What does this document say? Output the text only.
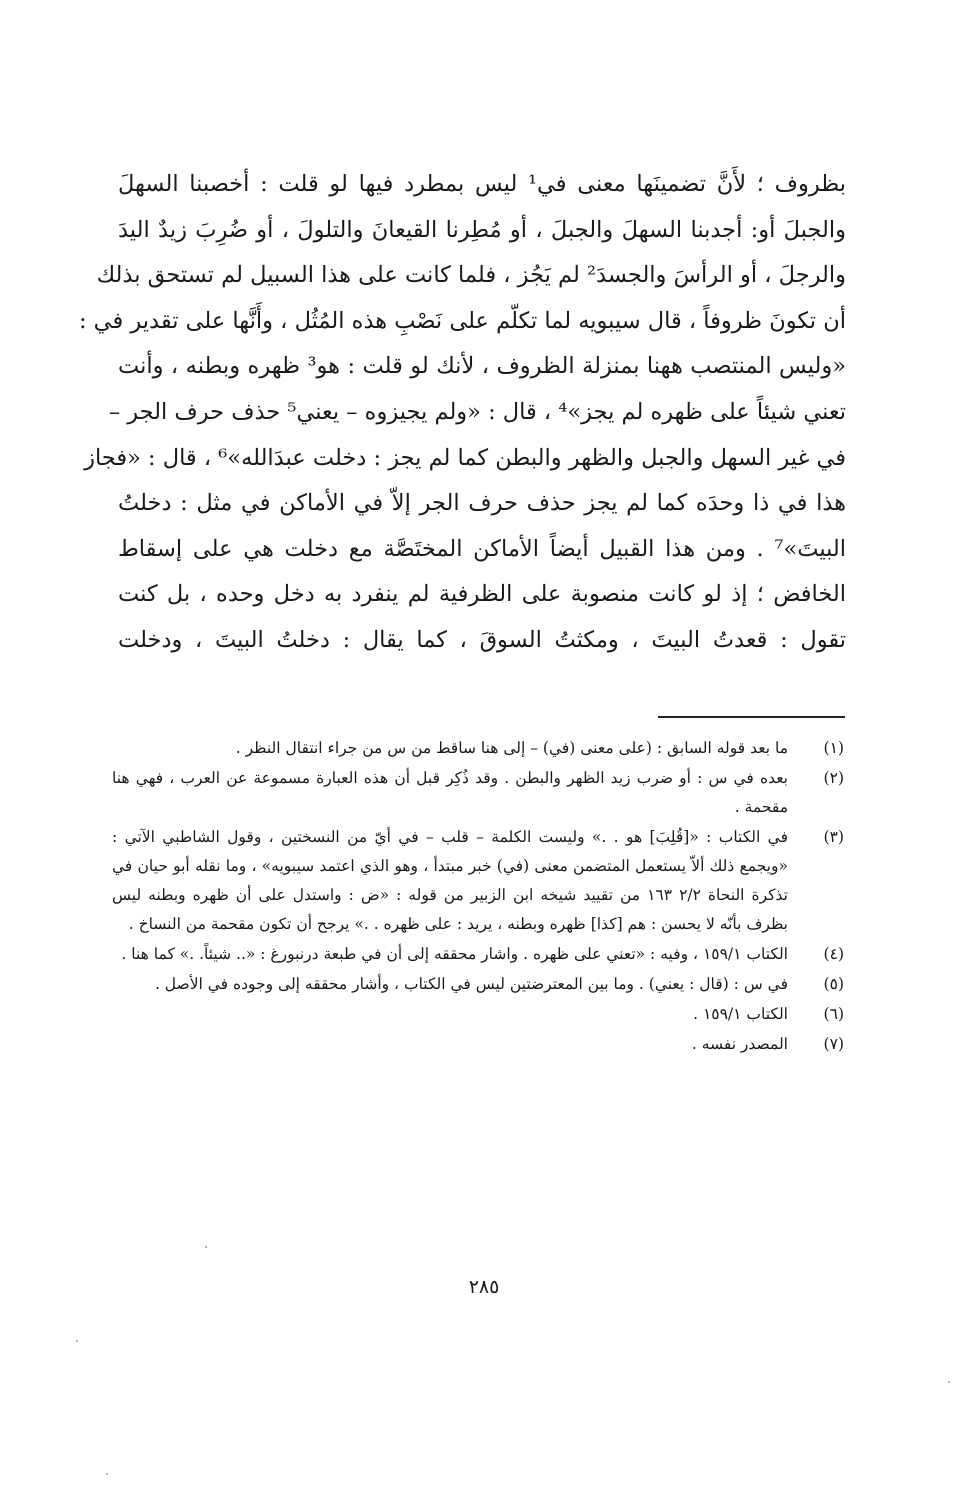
بظروف ؛ لأَنَّ تضمينَها معنى في¹ ليس بمطرد فيها لو قلت : أخصبنا السهلَ
والجبلَ أو: أجدبنا السهلَ والجبلَ ، أو مُطِرنا القيعانَ والتلولَ ، أو ضُرِبَ زيدٌ اليدَ
والرجلَ ، أو الرأسَ والجسدَ² لم يَجُز ، فلما كانت على هذا السبيل لم تستحق بذلك
أن تكونَ ظروفاً ، قال سيبويه لما تكلّم على نَصْبِ هذه المُثُل ، وأَنَّها على تقدير في :
«وليس المنتصب ههنا بمنزلة الظروف ، لأنك لو قلت : هو³ ظهره وبطنه ، وأنت
تعني شيئاً على ظهره لم يجز»⁴ ، قال : «ولم يجيزوه – يعني⁵ حذف حرف الجر –
في غير السهل والجبل والظهر والبطن كما لم يجز : دخلت عبدَالله»⁶ ، قال : «فجاز
هذا في ذا وحدَه كما لم يجز حذف حرف الجر إلاّ في الأماكن في مثل : دخلتُ
البيتَ»⁷ . ومن هذا القبيل أيضاً الأماكن المختَصَّة مع دخلت هي على إسقاط
الخافض ؛ إذ لو كانت منصوبة على الظرفية لم ينفرد به دخل وحده ، بل كنت
تقول : قعدتُ البيتَ ، ومكثتُ السوقَ ، كما يقال : دخلتُ البيتَ ، ودخلت
(١)
ما بعد قوله السابق : (على معنى (في) – إلى هنا ساقط من س من جراء انتقال النظر .
(٢)
بعده في س : أو ضرب زيد الظهر والبطن . وقد ذُكِر قبل أن هذه العبارة مسموعة عن العرب ، فهي هنا مقحمة .
(٣)
في الكتاب : «[قُلِبَ] هو . .» وليست الكلمة – قلب – في أيّ من النسختين ، وقول الشاطبي الآتي : «ويجمع ذلك ألاّ يستعمل المتضمن معنى (في) خبر مبتدأ ، وهو الذي اعتمد سيبويه» ، وما نقله أبو حيان في تذكرة النحاة ٢/٢ ١٦٣ من تقييد شيخه ابن الزبير من قوله : «ض : واستدل على أن ظهره وبطنه ليس بظرف بأنّه لا يحسن : هم [كذا] ظهره وبطنه ، يريد : على ظهره . .» يرجح أن تكون مقحمة من النساخ .
(٤)
الكتاب ١٥٩/١ ، وفيه : «تعني على ظهره . واشار محققه إلى أن في طبعة درنبورغ : «.. شيئاً. .» كما هنا .
(٥)
في س : (قال : يعني) . وما بين المعترضتين ليس في الكتاب ، وأشار محققه إلى وجوده في الأصل .
(٦)
الكتاب ١٥٩/١ .
(٧)
المصدر نفسه .
٢٨٥
